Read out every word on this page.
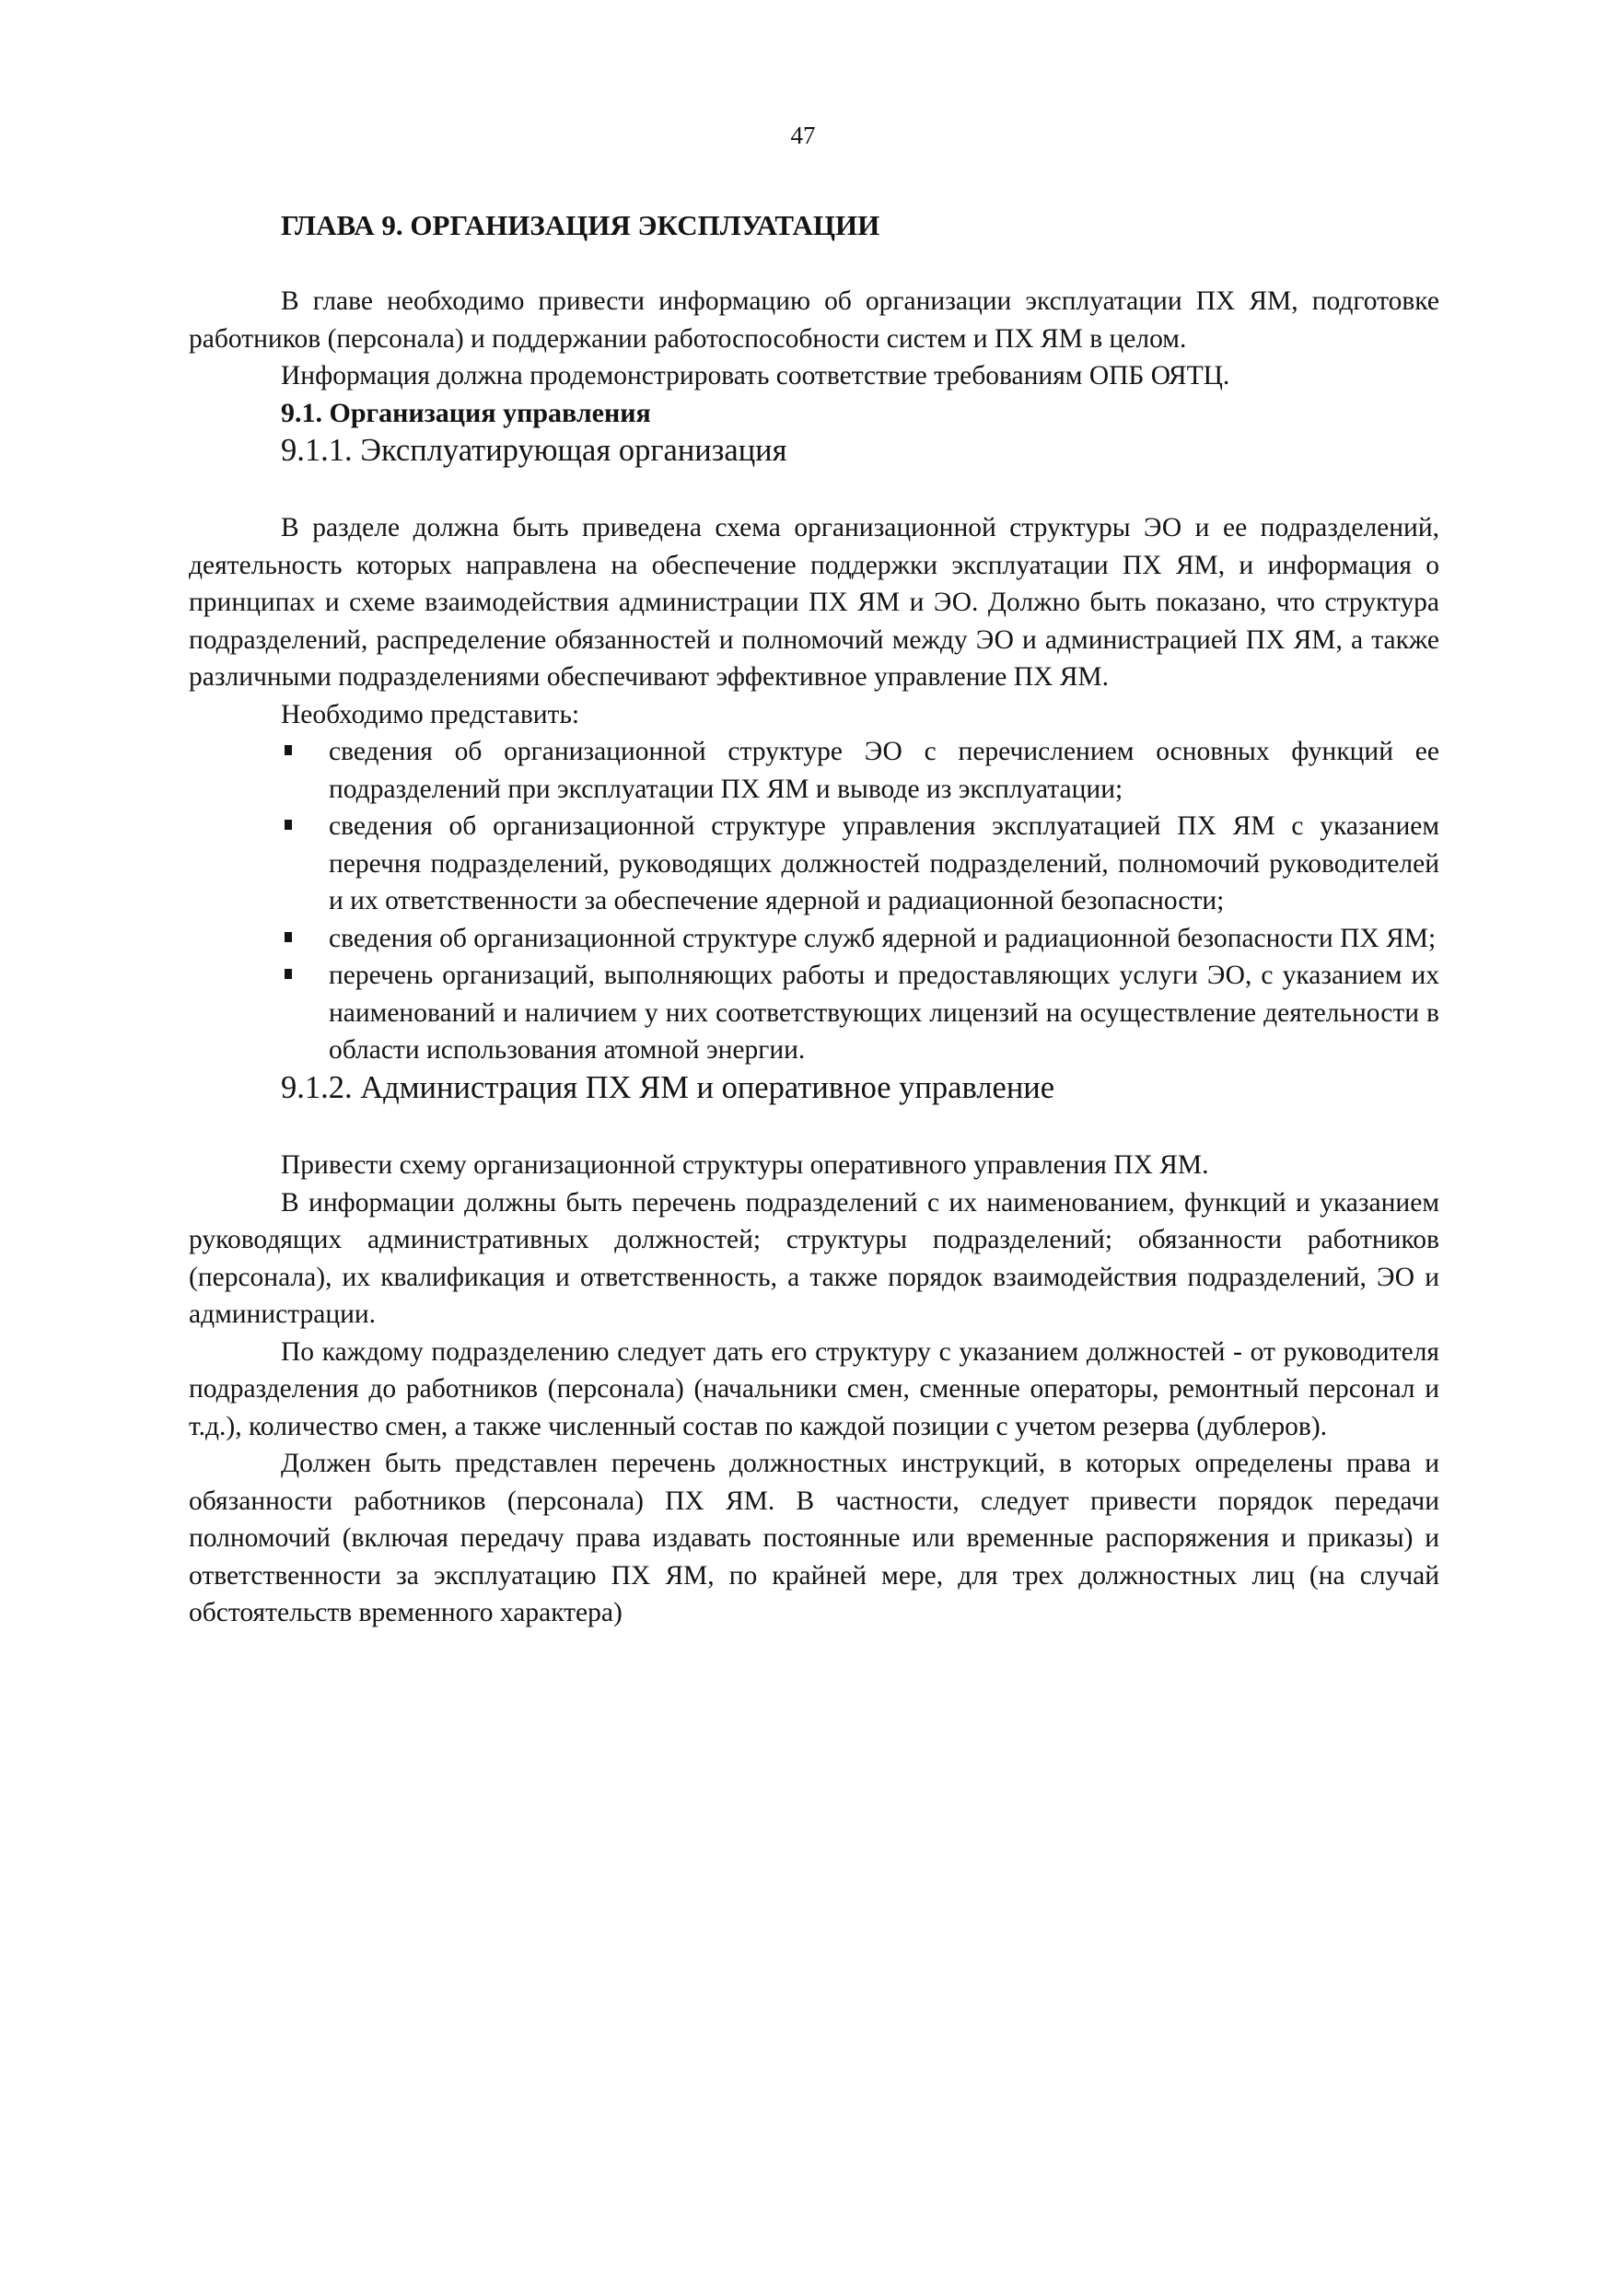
47
ГЛАВА 9. ОРГАНИЗАЦИЯ ЭКСПЛУАТАЦИИ

В главе необходимо привести информацию об организации эксплуатации ПХ ЯМ, подготовке работников (персонала) и поддержании работоспособности систем и ПХ ЯМ в целом.

Информация должна продемонстрировать соответствие требованиям ОПБ ОЯТЦ.

9.1. Организация управления
9.1.1. Эксплуатирующая организация

В разделе должна быть приведена схема организационной структуры ЭО и ее подразделений, деятельность которых направлена на обеспечение поддержки эксплуатации ПХ ЯМ, и информация о принципах и схеме взаимодействия администрации ПХ ЯМ и ЭО. Должно быть показано, что структура подразделений, распределение обязанностей и полномочий между ЭО и администрацией ПХ ЯМ, а также различными подразделениями обеспечивают эффективное управление ПХ ЯМ.

Необходимо представить:

сведения об организационной структуре ЭО с перечислением основных функций ее подразделений при эксплуатации ПХ ЯМ и выводе из эксплуатации;
сведения об организационной структуре управления эксплуатацией ПХ ЯМ с указанием перечня подразделений, руководящих должностей подразделений, полномочий руководителей и их ответственности за обеспечение ядерной и радиационной безопасности;
сведения об организационной структуре служб ядерной и радиационной безопасности ПХ ЯМ;
перечень организаций, выполняющих работы и предоставляющих услуги ЭО, с указанием их наименований и наличием у них соответствующих лицензий на осуществление деятельности в области использования атомной энергии.
9.1.2. Администрация ПХ ЯМ и оперативное управление

Привести схему организационной структуры оперативного управления ПХ ЯМ.

В информации должны быть перечень подразделений с их наименованием, функций и указанием руководящих административных должностей; структуры подразделений; обязанности работников (персонала), их квалификация и ответственность, а также порядок взаимодействия подразделений, ЭО и администрации.

По каждому подразделению следует дать его структуру с указанием должностей - от руководителя подразделения до работников (персонала) (начальники смен, сменные операторы, ремонтный персонал и т.д.), количество смен, а также численный состав по каждой позиции с учетом резерва (дублеров).

Должен быть представлен перечень должностных инструкций, в которых определены права и обязанности работников (персонала) ПХ ЯМ. В частности, следует привести порядок передачи полномочий (включая передачу права издавать постоянные или временные распоряжения и приказы) и ответственности за эксплуатацию ПХ ЯМ, по крайней мере, для трех должностных лиц (на случай обстоятельств временного характера)
